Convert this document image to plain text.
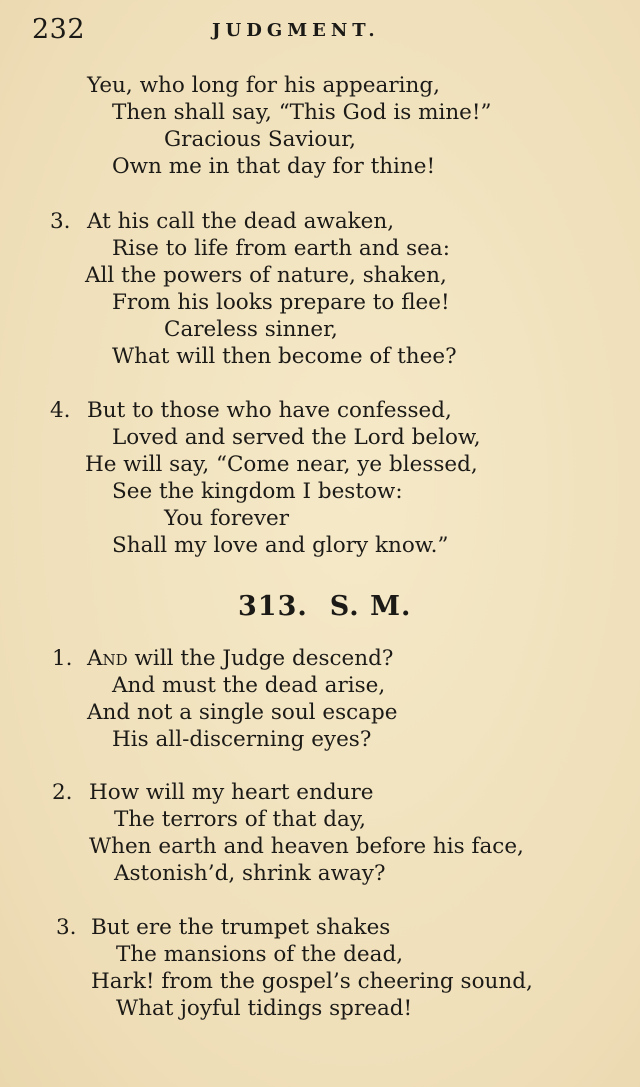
232	JUDGMENT.
Yeu, who long for his appearing,
Then shall say, “This God is mine!”
Gracious Saviour,
Own me in that day for thine!
3. At his call the dead awaken,
Rise to life from earth and sea:
All the powers of nature, shaken,
From his looks prepare to flee!
Careless sinner,
What will then become of thee?
4. But to those who have confessed,
Loved and served the Lord below,
He will say, “Come near, ye blessed,
See the kingdom I bestow:
You forever
Shall my love and glory know.”
313. S. M.
1. And will the Judge descend?
And must the dead arise,
And not a single soul escape
His all-discerning eyes?
2. How will my heart endure
The terrors of that day,
When earth and heaven before his face,
Astonish’d, shrink away?
3. But ere the trumpet shakes
The mansions of the dead,
Hark! from the gospel’s cheering sound,
What joyful tidings spread!
